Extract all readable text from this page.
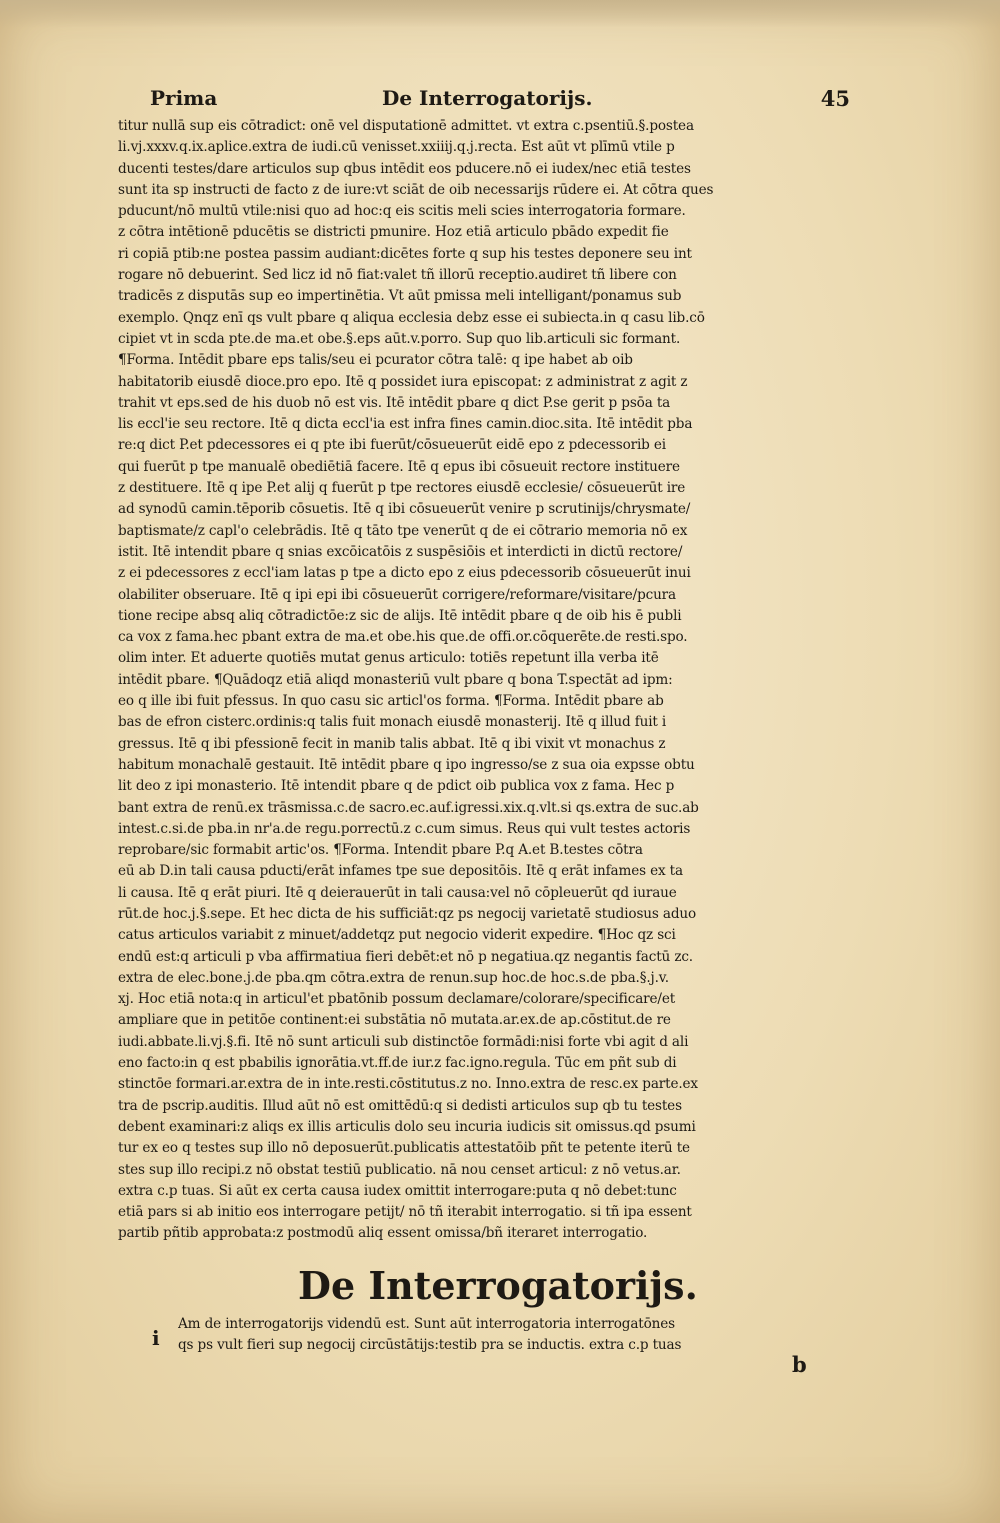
Prima	De Interrogatorijs.	45
titur nullā sup eis cōtradict: onē vel disputationē admittet. vt extra c.psentiū.§.postea
li.vj.xxxv.q.ix.aplice.extra de iudi.cū venisset.xxiiij.q.j.recta. Est aūt vt plīmū vtile p
ducenti testes/dare articulos sup qbus intēdit eos pducere.nō ei iudex/nec etiā testes
sunt ita sp instructi de facto z de iure:vt sciāt de oib necessarijs rūdere ei. At cōtra ques
pducunt/nō multū vtile:nisi quo ad hoc:q eis scitis meli scies interrogatoria formare.
z cōtra intētionē pducētis se districti pmunire. Hoz etiā articulo pbādo expedit fie
ri copiā ptib:ne postea passim audiant:dicētes forte q sup his testes deponere seu int
rogare nō debuerint. Sed licz id nō fiat:valet tñ illorū receptio.audiret tñ libere con
tradicēs z disputās sup eo impertinētia. Vt aūt pmissa meli intelligant/ponamus sub
exemplo. Qnqz enī qs vult pbare q aliqua ecclesia debz esse ei subiecta.in q casu lib.cō
cipiet vt in scda pte.de ma.et obe.§.eps aūt.v.porro. Sup quo lib.articuli sic formant.
¶Forma. Intēdit pbare eps talis/seu ei pcurator cōtra talē: q ipe habet ab oib
habitatorib eiusdē dioce.pro epo. Itē q possidet iura episcopat: z administrat z agit z
trahit vt eps.sed de his duob nō est vis. Itē intēdit pbare q dict P.se gerit p psōa ta
lis eccl'ie seu rectore. Itē q dicta eccl'ia est infra fines camin.dioc.sita. Itē intēdit pba
re:q dict P.et pdecessores ei q pte ibi fuerūt/cōsueuerūt eidē epo z pdecessorib ei
qui fuerūt p tpe manualē obediētiā facere. Itē q epus ibi cōsueuit rectore instituere
z destituere. Itē q ipe P.et alij q fuerūt p tpe rectores eiusdē ecclesie/ cōsueuerūt ire
ad synodū camin.tēporib cōsuetis. Itē q ibi cōsueuerūt venire p scrutinijs/chrysmate/
baptismate/z capl'o celebrādis. Itē q tāto tpe venerūt q de ei cōtrario memoria nō ex
istit. Itē intendit pbare q snias excōicatōis z suspēsiōis et interdicti in dictū rectore/
z ei pdecessores z eccl'iam latas p tpe a dicto epo z eius pdecessorib cōsueuerūt inui
olabiliter obseruare. Itē q ipi epi ibi cōsueuerūt corrigere/reformare/visitare/pcura
tione recipe absq aliq cōtradictōe:z sic de alijs. Itē intēdit pbare q de oib his ē publi
ca vox z fama.hec pbant extra de ma.et obe.his que.de offi.or.cōquerēte.de resti.spo.
olim inter. Et aduerte quotiēs mutat genus articulo: totiēs repetunt illa verba itē
intēdit pbare. ¶Quādoqz etiā aliqd monasteriū vult pbare q bona T.spectāt ad ipm:
eo q ille ibi fuit pfessus. In quo casu sic articl'os forma. ¶Forma. Intēdit pbare ab
bas de efron cisterc.ordinis:q talis fuit monach eiusdē monasterij. Itē q illud fuit i
gressus. Itē q ibi pfessionē fecit in manib talis abbat. Itē q ibi vixit vt monachus z
habitum monachalē gestauit. Itē intēdit pbare q ipo ingresso/se z sua oia expsse obtu
lit deo z ipi monasterio. Itē intendit pbare q de pdict oib publica vox z fama. Hec p
bant extra de renū.ex trāsmissa.c.de sacro.ec.auf.igressi.xix.q.vlt.si qs.extra de suc.ab
intest.c.si.de pba.in nr'a.de regu.porrectū.z c.cum simus. Reus qui vult testes actoris
reprobare/sic formabit artic'os. ¶Forma. Intendit pbare P.q A.et B.testes cōtra
eū ab D.in tali causa pducti/erāt infames tpe sue depositōis. Itē q erāt infames ex ta
li causa. Itē q erāt piuri. Itē q deierauerūt in tali causa:vel nō cōpleuerūt qd iuraue
rūt.de hoc.j.§.sepe. Et hec dicta de his sufficiāt:qz ps negocij varietatē studiosus aduo
catus articulos variabit z minuet/addetqz put negocio viderit expedire. ¶Hoc qz sci
endū est:q articuli p vba affirmatiua fieri debēt:et nō p negatiua.qz negantis factū zc.
extra de elec.bone.j.de pba.qm cōtra.extra de renun.sup hoc.de hoc.s.de pba.§.j.v.
xj. Hoc etiā nota:q in articul'et pbatōnib possum declamare/colorare/specificare/et
ampliare que in petitōe continent:ei substātia nō mutata.ar.ex.de ap.cōstitut.de re
iudi.abbate.li.vj.§.fi. Itē nō sunt articuli sub distinctōe formādi:nisi forte vbi agit d ali
eno facto:in q est pbabilis ignorātia.vt.ff.de iur.z fac.igno.regula. Tūc em pñt sub di
stinctōe formari.ar.extra de in inte.resti.cōstitutus.z no. Inno.extra de resc.ex parte.ex
tra de pscrip.auditis. Illud aūt nō est omittēdū:q si dedisti articulos sup qb tu testes
debent examinari:z aliqs ex illis articulis dolo seu incuria iudicis sit omissus.qd psumi
tur ex eo q testes sup illo nō deposuerūt.publicatis attestatōib pñt te petente iterū te
stes sup illo recipi.z nō obstat testiū publicatio. nā nou censet articul: z nō vetus.ar.
extra c.p tuas. Si aūt ex certa causa iudex omittit interrogare:puta q nō debet:tunc
etiā pars si ab initio eos interrogare petijt/ nō tñ iterabit interrogatio. si tñ ipa essent
partib pñtib approbata:z postmodū aliq essent omissa/bñ iteraret interrogatio.
De Interrogatorijs.
Am de interrogatorijs videndū est. Sunt aūt interrogatoria interrogatōnes
qs ps vult fieri sup negocij circūstātijs:testib pra se inductis. extra c.p tuas
i
b
